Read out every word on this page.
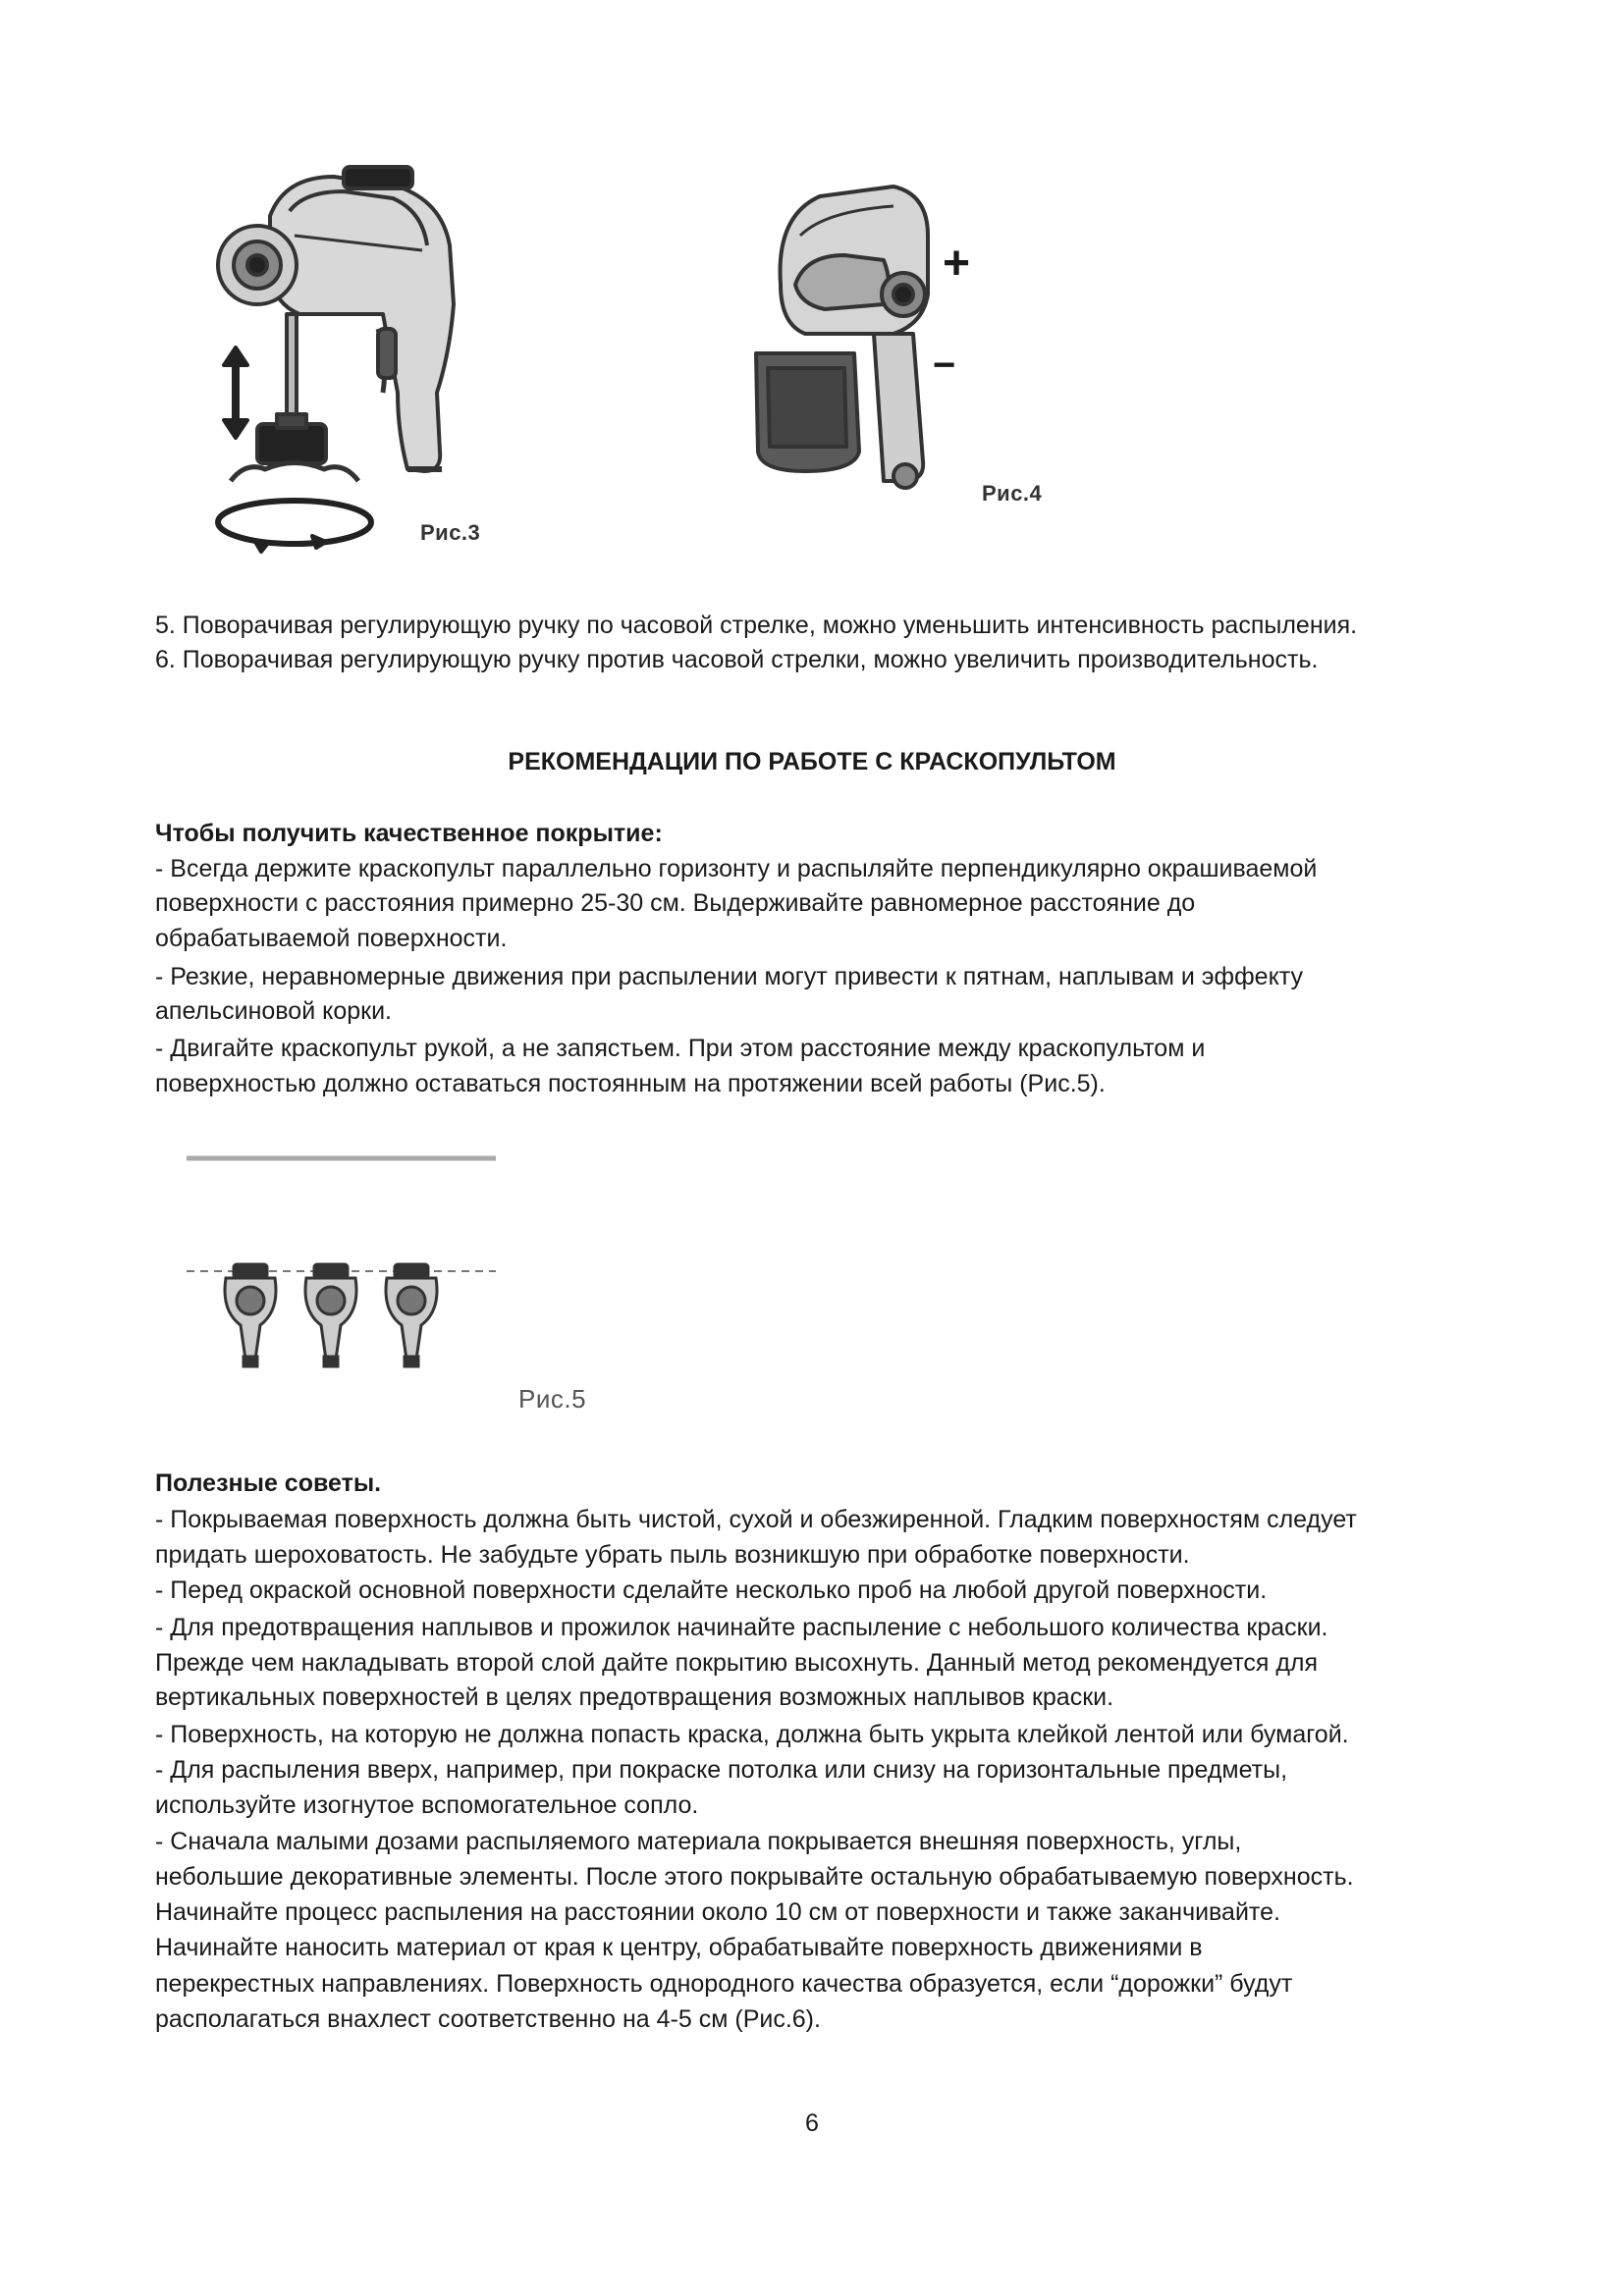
Рис.3
+
−
Рис.4
5. Поворачивая регулирующую ручку по часовой стрелке, можно уменьшить интенсивность распыления.
6. Поворачивая регулирующую ручку против часовой стрелки, можно увеличить производительность.
РЕКОМЕНДАЦИИ ПО РАБОТЕ С КРАСКОПУЛЬТОМ
Чтобы получить качественное покрытие:
- Всегда держите краскопульт параллельно горизонту и распыляйте перпендикулярно окрашиваемой
поверхности с расстояния примерно 25-30 см. Выдерживайте равномерное расстояние до
обрабатываемой поверхности.
- Резкие, неравномерные движения при распылении могут привести к пятнам, наплывам и эффекту
апельсиновой корки.
- Двигайте краскопульт рукой, а не запястьем. При этом расстояние между краскопультом и
поверхностью должно оставаться постоянным на протяжении всей работы (Рис.5).
Рис.5
Полезные советы.
- Покрываемая поверхность должна быть чистой, сухой и обезжиренной. Гладким поверхностям следует
придать шероховатость. Не забудьте убрать пыль возникшую при обработке поверхности.
- Перед окраской основной поверхности сделайте несколько проб на любой другой поверхности.
- Для предотвращения наплывов и прожилок начинайте распыление с небольшого количества краски.
Прежде чем накладывать второй слой дайте покрытию высохнуть. Данный метод рекомендуется для
вертикальных поверхностей в целях предотвращения возможных наплывов краски.
- Поверхность, на которую не должна попасть краска, должна быть укрыта клейкой лентой или бумагой.
- Для распыления вверх, например, при покраске потолка или снизу на горизонтальные предметы,
используйте изогнутое вспомогательное сопло.
- Сначала малыми дозами распыляемого материала покрывается внешняя поверхность, углы,
небольшие декоративные элементы. После этого покрывайте остальную обрабатываемую поверхность.
Начинайте процесс распыления на расстоянии около 10 см от поверхности и также заканчивайте.
Начинайте наносить материал от края к центру, обрабатывайте поверхность движениями в
перекрестных направлениях. Поверхность однородного качества образуется, если “дорожки” будут
располагаться внахлест соответственно на 4-5 см (Рис.6).
6
